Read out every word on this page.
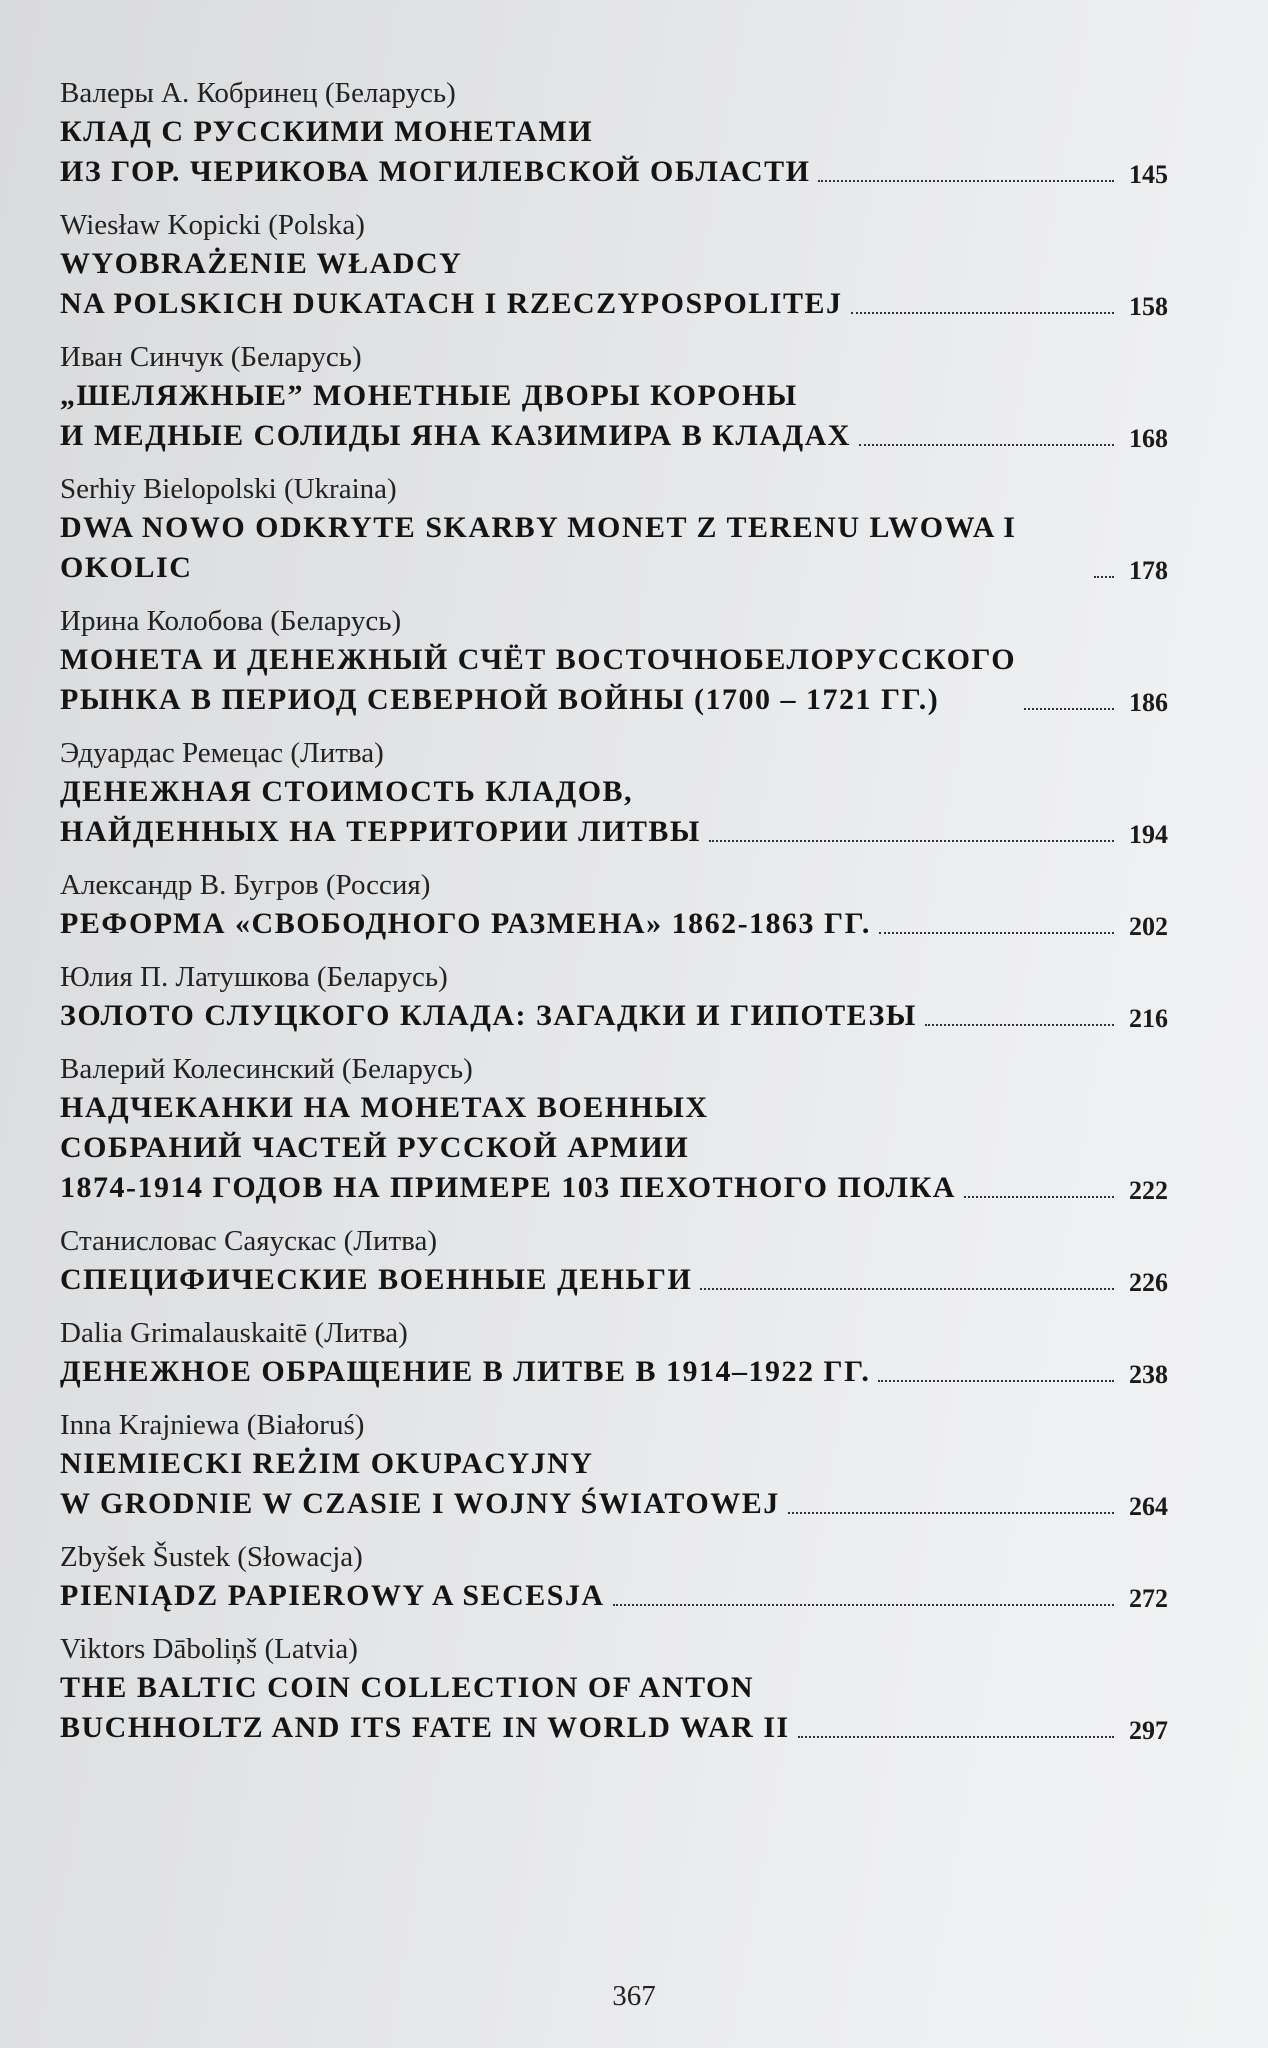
Валеры А. Кобринец (Беларусь)
КЛАД С РУССКИМИ МОНЕТАМИ
ИЗ ГОР. ЧЕРИКОВА МОГИЛЕВСКОЙ ОБЛАСТИ	145
Wiesław Kopicki (Polska)
WYOBRAŻENIE WŁADCY
NA POLSKICH DUKATACH I RZECZYPOSPOLITEJ	158
Иван Синчук (Беларусь)
„ШЕЛЯЖНЫЕ” МОНЕТНЫЕ ДВОРЫ КОРОНЫ
И МЕДНЫЕ СОЛИДЫ ЯНА КАЗИМИРА В КЛАДАХ	168
Serhiy Bielopolski (Ukraina)
DWA NOWO ODKRYTE SKARBY MONET Z TERENU LWOWA I OKOLIC	178
Ирина Колобова (Беларусь)
МОНЕТА И ДЕНЕЖНЫЙ СЧЁТ ВОСТОЧНОБЕЛОРУССКОГО
РЫНКА В ПЕРИОД СЕВЕРНОЙ ВОЙНЫ (1700 – 1721 ГГ.)	186
Эдуардас Ремецас (Литва)
ДЕНЕЖНАЯ СТОИМОСТЬ КЛАДОВ,
НАЙДЕННЫХ НА ТЕРРИТОРИИ ЛИТВЫ	194
Александр В. Бугров (Россия)
РЕФОРМА «СВОБОДНОГО РАЗМЕНА» 1862-1863 ГГ.	202
Юлия П. Латушкова (Беларусь)
ЗОЛОТО СЛУЦКОГО КЛАДА: ЗАГАДКИ И ГИПОТЕЗЫ	216
Валерий Колесинский (Беларусь)
НАДЧЕКАНКИ НА МОНЕТАХ ВОЕННЫХ
СОБРАНИЙ ЧАСТЕЙ РУССКОЙ АРМИИ
1874-1914 ГОДОВ НА ПРИМЕРЕ 103 ПЕХОТНОГО ПОЛКА	222
Станисловас Саяускас (Литва)
СПЕЦИФИЧЕСКИЕ ВОЕННЫЕ ДЕНЬГИ	226
Dalia Grimalauskaitē (Литва)
ДЕНЕЖНОЕ ОБРАЩЕНИЕ В ЛИТВЕ В 1914–1922 ГГ.	238
Inna Krajniewa (Białoruś)
NIEMIECKI REŻIM OKUPACYJNY
W GRODNIE W CZASIE I WOJNY ŚWIATOWEJ	264
Zbyšek Šustek (Słowacja)
PIENIĄDZ PAPIEROWY A SECESJA	272
Viktors Dāboliņš (Latvia)
THE BALTIC COIN COLLECTION OF ANTON
BUCHHOLTZ AND ITS FATE IN WORLD WAR II	297
367
